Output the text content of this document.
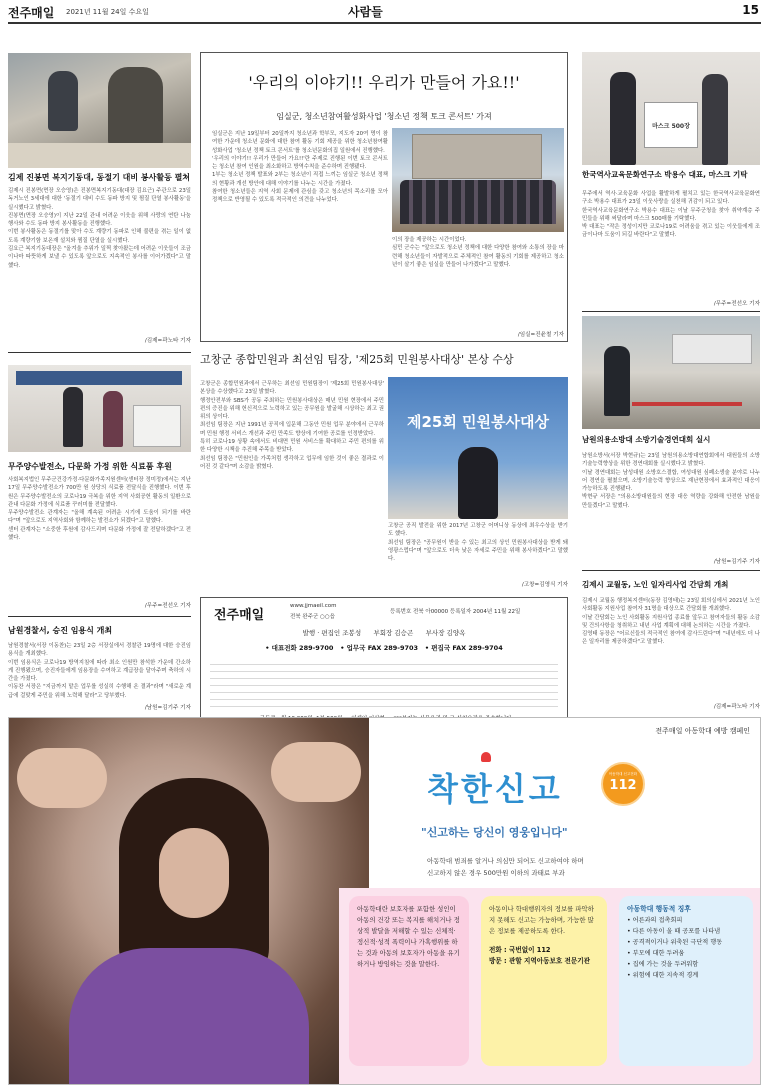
전주매일 2021년 11월 24일 수요일	사람들	15
김제 진봉면 복지기동대, 동절기 대비 봉사활동 펼쳐
김제시 진봉면(면장 오승영)은 진봉면복지기동대(대장 김요근) 주관으로 23일 독거노인 3세대에 대한 '동절기 대비 수도 동파 방지 및 찜질 단열 봉사활동'을 실시했다고 밝혔다.
진봉면(면장 오승영)이 지난 22일 관내 어려운 이웃을 위해 사랑의 연탄 나눔 행사와 수도 동파 방지 봉사활동을 진행했다.
이번 봉사활동은 동절기를 맞아 수도 계량기 동파로 인해 불편을 겪는 일이 없도록 계량기함 보온재 설치와 찜질 단열을 실시했다.
김요근 복지기동대장은 "올겨울 추위가 일찍 찾아왔는데 어려운 이웃들이 조금이나마 따뜻하게 보낼 수 있도록 앞으로도 지속적인 봉사를 이어가겠다"고 말했다.
/김제=곽노타 기자
무주양수발전소, 다문화 가정 위한 식료품 후원
사회복지법인 무주군건강가정·다문화가족지원센터(센터장 정미정)에서는 지난 17일 무주양수발전소가 700만 원 상당의 식료품 전달식을 진행했다. 이번 후원은 무주양수발전소의 코로나19 극복을 위한 지역 사회공헌 활동의 일환으로 관내 다문화 가정에 식료품 꾸러미를 전달했다.
무주양수발전소 관계자는 "올해 계속된 어려운 시기에 도움이 되기를 바란다"며 "앞으로도 지역사회와 함께하는 발전소가 되겠다"고 말했다.
센터 관계자는 "소중한 후원에 감사드리며 다문화 가정에 잘 전달하겠다"고 전했다.
/무주=전선오 기자
남원경찰서, 승진 임용식 개최
남원경찰서(서장 이동찬)는 23일 2층 서장실에서 경찰관 19명에 대한 승진임용식을 개최했다.
이번 임용식은 코로나19 방역지침에 따라 최소 인원만 참석한 가운데 간소하게 진행됐으며, 승진자들에게 임용장을 수여하고 계급장을 달아주며 축하의 시간을 가졌다.
이동찬 서장은 "지금까지 맡은 업무를 성실히 수행해 온 결과"라며 "새로운 계급에 걸맞게 주민을 위해 노력해 달라"고 당부했다.
/남원=김기주 기자
'우리의 이야기!! 우리가 만들어 가요!!'
임실군, 청소년참여활성화사업 '청소년 정책 토크 콘서트' 가져
임실군은 지난 19일부터 20일까지 청소년과 학부모, 지도자 20여 명이 참여한 가운데 청소년 문화에 대한 참여 활동 기회 제공을 위한 청소년참여활성화사업 '청소년 정책 토크 콘서트'를 청소년문화의집 일원에서 진행했다.
'우리의 이야기!! 우리가 만들어 가요!!'란 주제로 진행된 이번 토크 콘서트는 청소년 참여 인원을 최소화하고 방역수칙을 준수하며 진행됐다.
1부는 청소년 정책 발표와 2부는 청소년이 직접 느끼는 임실군 청소년 정책의 현황과 개선 방안에 대해 이야기를 나누는 시간을 가졌다.
참여한 청소년들은 지역 사회 문제에 관심을 갖고 청소년의 목소리를 모아 정책으로 반영될 수 있도록 적극적인 의견을 나누었다.
이의 장을 제공하는 시간이었다.
심민 군수는 "앞으로도 청소년 정책에 대한 다양한 참여와 소통의 장을 마련해 청소년들이 자발적으로 주체적인 참여 활동의 기회를 제공하고 청소년이 살기 좋은 임실을 만들어 나가겠다"고 말했다.
/임실=진윤철 기자
고창군 종합민원과 최선임 팀장, '제25회 민원봉사대상' 본상 수상
고창군은 종합민원과에서 근무하는 최선임 민원팀장이 '제25회 민원봉사대상' 본상을 수상했다고 23일 밝혔다.
행정안전부와 SBS가 공동 주최하는 민원봉사대상은 매년 민원 현장에서 주민 편의 증진을 위해 헌신적으로 노력하고 있는 공무원을 발굴해 시상하는 최고 권위의 상이다.
최선임 팀장은 지난 1991년 공직에 입문해 그동안 민원 업무 분야에서 근무하며 민원 행정 서비스 개선과 주민 만족도 향상에 기여한 공로를 인정받았다.
특히 코로나19 상황 속에서도 비대면 민원 서비스를 확대하고 주민 편의를 위한 다양한 시책을 추진해 주목을 받았다.
최선임 팀장은 "민원인을 가족처럼 생각하고 업무에 임한 것이 좋은 결과로 이어진 것 같다"며 소감을 밝혔다.
제25회 민원봉사대상
고창군 공직 발전을 위한 2017년 고창군 어머니상 동상에 최우수상을 받기도 했다.
최선임 팀장은 "공무원이 받을 수 있는 최고의 상인 민원봉사대상을 받게 돼 영광스럽다"며 "앞으로도 더욱 낮은 자세로 주민을 위해 봉사하겠다"고 말했다.
/고창=김영식 기자
전주매일
www.jjmaeil.com
전북 완주군 ○○읍
등록번호 전북 아00000 등록일자 2004년 11월 22일
발행 · 편집인 조봉성      부회장 김승곤      부사장 김양옥
• 대표전화 289-9700   • 업무국 FAX 289-9703   • 편집국 FAX 289-9704
마스크 500장
한국역사교육문화연구소 박용수 대표, 마스크 기탁
무주에서 역사·교육문화 사업을 활발하게 펼치고 있는 한국역사교육문화연구소 박용수 대표가 23일 이웃사랑을 실천해 귀감이 되고 있다.
한국역사교육문화연구소 박용수 대표는 이날 무주군청을 찾아 취약계층 주민들을 위해 써달라며 마스크 500매를 기탁했다.
박 대표는 "작은 정성이지만 코로나19로 어려움을 겪고 있는 이웃들에게 조금이나마 도움이 되길 바란다"고 말했다.
/무주=전선오 기자
남원의용소방대 소방기술경연대회 실시
남원소방서(서장 박현규)는 23일 남원의용소방대연합회에서 대원들의 소방기술능력향상을 위한 경연대회를 실시했다고 밝혔다.
이날 경연대회는 남성대원 소방호스결합, 여성대원 심폐소생술 분야로 나누어 경연을 펼쳤으며, 소방기술능력 향상으로 재난현장에서 효과적인 대응이 가능하도록 진행됐다.
박현규 서장은 "의용소방대원들의 현장 대응 역량을 강화해 안전한 남원을 만들겠다"고 말했다.
/남원=김기주 기자
김제시 교월동, 노인 일자리사업 간담회 개최
김제시 교월동 행정복지센터(동장 김영태)는 23일 회의실에서 2021년 노인 사회활동 지원사업 참여자 31명을 대상으로 간담회를 개최했다.
이날 간담회는 노인 사회활동 지원사업 종료를 앞두고 참여자들의 활동 소감 및 건의사항을 청취하고 내년 사업 계획에 대해 논의하는 시간을 가졌다.
김영태 동장은 "어르신들의 적극적인 참여에 감사드린다"며 "내년에도 더 나은 일자리를 제공하겠다"고 말했다.
/김제=곽노타 기자
전주매일 아동학대 예방 캠페인
착한신고	아동학대 신고전화
112
"신고하는 당신이 영웅입니다"
아동학대 범죄를 알거나 의심만 되어도 신고하여야 하며
신고하지 않은 경우 500만원 이하의 과태료 부과
아동학대란 보호자를 포함한 성인이 아동의 건강 또는 복지를 해치거나 정상적 발달을 저해할 수 있는 신체적·정신적·성적 폭력이나 가혹행위를 하는 것과 아동의 보호자가 아동을 유기하거나 방임하는 것을 말한다.
아동이나 학대행위자의 정보를 파악하지 못해도 신고는 가능하며, 가능한 많은 정보를 제공하도록 한다.
전화 : 국번없이 112
방문 : 관할 지역아동보호 전문기관
아동학대 행동적 징후
• 어른과의 접촉회피
• 다른 아동이 울 때 공포를 나타냄
• 공격적이거나 위축된 극단적 행동
• 부모에 대한 두려움
• 집에 가는 것을 두려워함
• 위험에 대한 지속적 경계
